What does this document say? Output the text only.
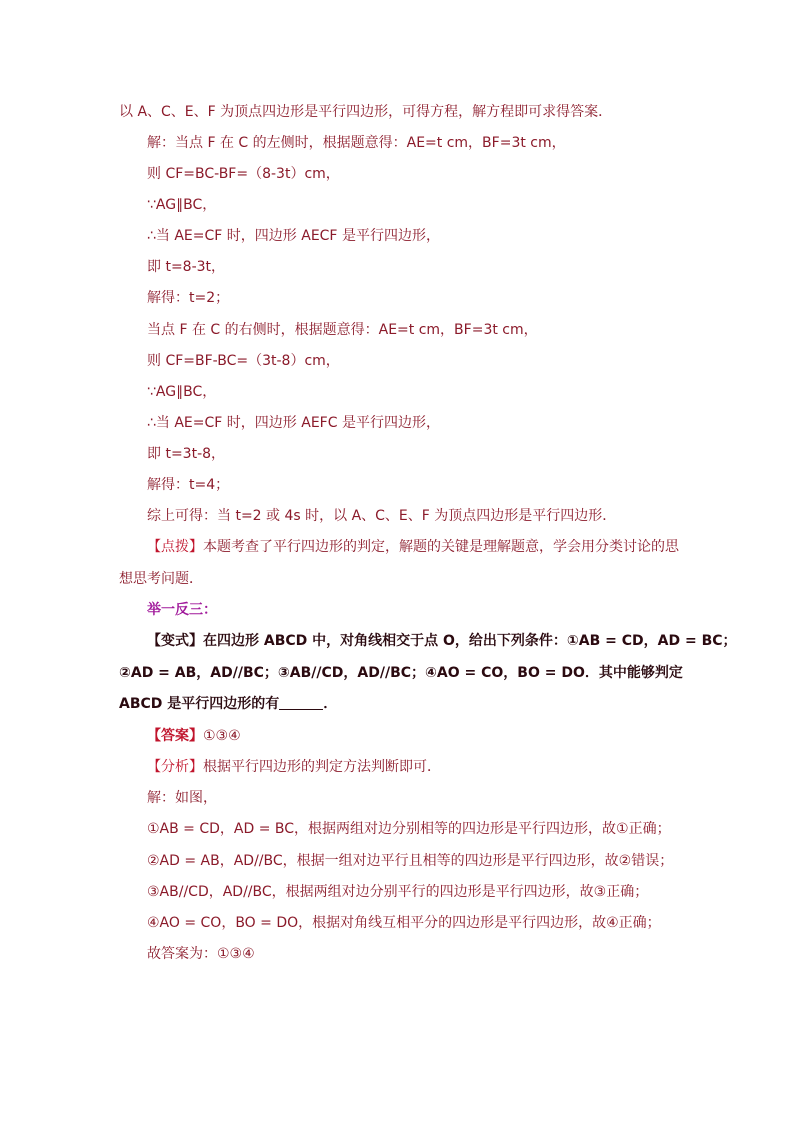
以 A、C、E、F 为顶点四边形是平行四边形，可得方程，解方程即可求得答案．
解：当点 F 在 C 的左侧时，根据题意得：AE=t cm，BF=3t cm，
则 CF=BC-BF=（8-3t）cm，
∵AG∥BC，
∴当 AE=CF 时，四边形 AECF 是平行四边形，
即 t=8-3t，
解得：t=2；
当点 F 在 C 的右侧时，根据题意得：AE=t cm，BF=3t cm，
则 CF=BF-BC=（3t-8）cm，
∵AG∥BC，
∴当 AE=CF 时，四边形 AEFC 是平行四边形，
即 t=3t-8，
解得：t=4；
综上可得：当 t=2 或 4s 时，以 A、C、E、F 为顶点四边形是平行四边形．
【点拨】本题考查了平行四边形的判定，解题的关键是理解题意，学会用分类讨论的思
想思考问题．
举一反三：
【变式】在四边形 ABCD 中，对角线相交于点 O，给出下列条件：①AB = CD，AD = BC；
②AD = AB，AD//BC；③AB//CD，AD//BC；④AO = CO，BO = DO．其中能够判定
ABCD 是平行四边形的有	．
【答案】①③④
【分析】根据平行四边形的判定方法判断即可．
解：如图，
①AB = CD，AD = BC，根据两组对边分别相等的四边形是平行四边形，故①正确；
②AD = AB，AD//BC，根据一组对边平行且相等的四边形是平行四边形，故②错误；
③AB//CD，AD//BC，根据两组对边分别平行的四边形是平行四边形，故③正确；
④AO = CO，BO = DO，根据对角线互相平分的四边形是平行四边形，故④正确；
故答案为：①③④
